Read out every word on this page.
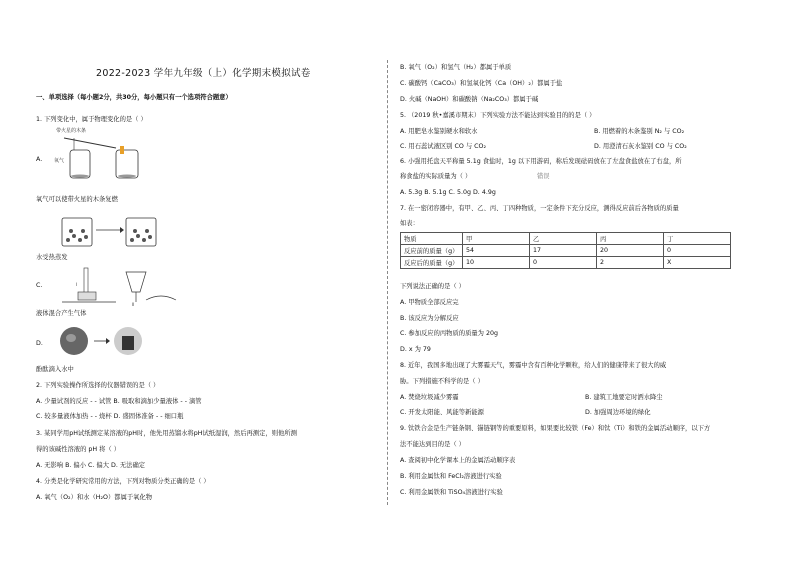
2022-2023 学年九年级（上）化学期末模拟试卷
一、单项选择（每小题2分，共30分，每小题只有一个选项符合题意）
1. 下列变化中，属于物理变化的是（ ）
带火星的木条
氧气
A.
氧气可以使带火星的木条复燃
水受热蒸发
Ⅰ
Ⅱ
C.
液体混合产生气体
D.
酚酞滴入水中
2. 下列实验操作所选择的仪器错误的是（ ）
A. 少量试剂的反应 - - 试管 B. 吸取和滴加少量液体 - - 滴管
C. 较多量液体加热 - - 烧杯 D. 盛固体准备 - - 细口瓶
3. 某同学用pH试纸测定某溶液的pH时，他先用蒸馏水将pH试纸湿润，然后再测定，则他所测
得的该碱性溶液的 pH 将（ ）
A. 无影响 B. 偏小 C. 偏大 D. 无法确定
4. 分类是化学研究常用的方法，下列对物质分类正确的是（ ）
A. 氧气（O₂）和水（H₂O）都属于氧化物
B. 氧气（O₂）和氢气（H₂）都属于单质
C. 碳酸钙（CaCO₃）和氢氧化钙（Ca（OH）₂）都属于盐
D. 火碱（NaOH）和碳酸钠（Na₂CO₃）都属于碱
5. （2019 秋•嘉溪市期末）下列实验方法不能达到实验目的的是（ ）
A. 用肥皂水鉴别硬水和软水	B. 用燃着的木条鉴别 N₂ 与 CO₂
C. 用石蕊试液区别 CO 与 CO₂	D. 用澄清石灰水鉴别 CO 与 CO₂
6. 小强用托盘天平称量 5.1g 食盐时，1g 以下用游码，称后发现砝码放在了左盘食盐放在了右盘，所
称食盐的实际质量为（ ）	错误
A. 5.3g B. 5.1g C. 5.0g D. 4.9g
7. 在一密闭容器中，有甲、乙、丙、丁四种物质，一定条件下充分反应，测得反应前后各物质的质量
如表：
物质	甲	乙	丙	丁
反应前的质量（g）	54	17	20	0
反应后的质量（g）	10	0	2	X
下列说法正确的是（ ）
A. 甲物质全部反应完
B. 该反应为分解反应
C. 参加反应的丙物质的质量为 20g
D. x 为 79
8. 近年，我国多地出现了大雾霾天气，雾霾中含有百种化学颗粒，给人们的健康带来了很大的威
胁。下列措施不科学的是（ ）
A. 焚烧垃圾减少雾霾	B. 建筑工地要定时洒水降尘
C. 开发太阳能、风能等新能源	D. 加强周边环境的绿化
9. 钛铁合金是生产链条钢、锚链钢等的重要原料，如果要比较铁（Fe）和钛（Ti）和铁的金属活动顺序，以下方
法不能达到目的是（ ）
A. 查阅初中化学课本上的金属活动顺序表
B. 利用金属钛和 FeCl₂溶液进行实验
C. 利用金属铁和 TiSO₄溶液进行实验
